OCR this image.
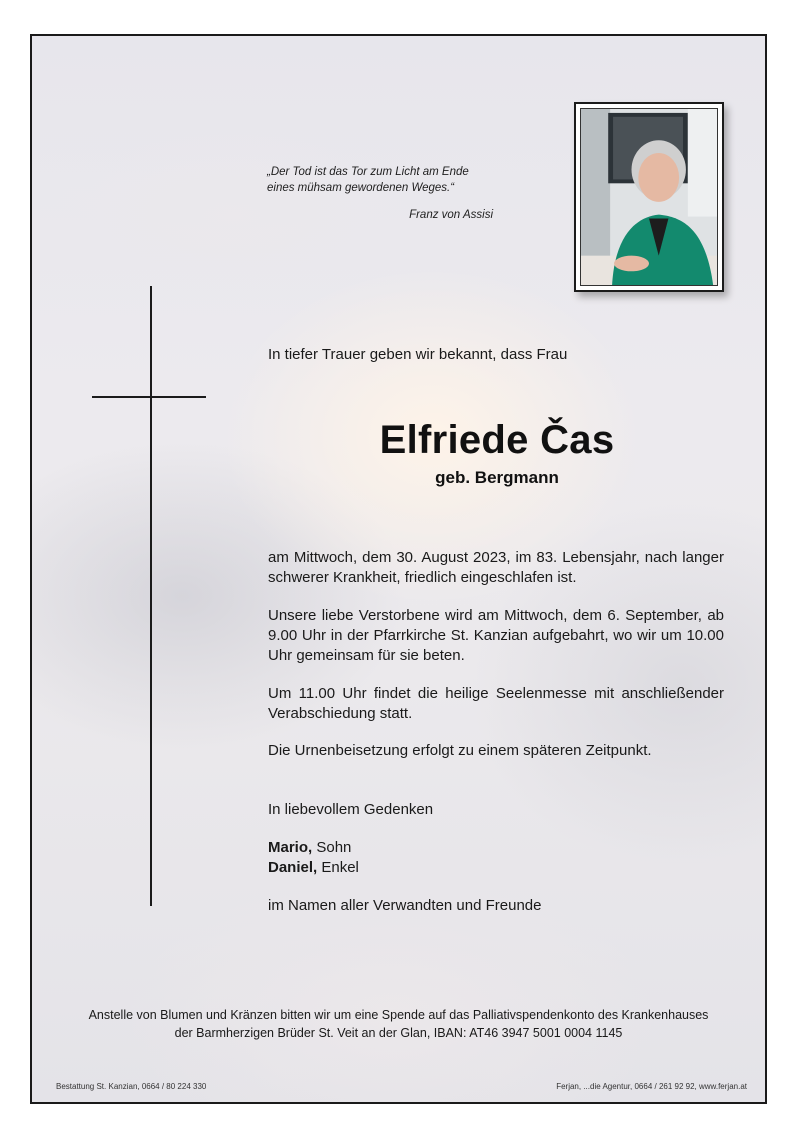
„Der Tod ist das Tor zum Licht am Ende
eines mühsam gewordenen Weges.“
Franz von Assisi
In tiefer Trauer geben wir bekannt, dass Frau
Elfriede Čas
geb. Bergmann
am Mittwoch, dem 30. August 2023, im 83. Lebensjahr, nach langer schwerer Krankheit, friedlich eingeschlafen ist.
Unsere liebe Verstorbene wird am Mittwoch, dem 6. September, ab 9.00 Uhr in der Pfarrkirche St. Kanzian aufgebahrt, wo wir um 10.00 Uhr gemeinsam für sie beten.
Um 11.00 Uhr findet die heilige Seelenmesse mit anschließender Verabschiedung statt.
Die Urnenbeisetzung erfolgt zu einem späteren Zeitpunkt.
In liebevollem Gedenken
Mario, Sohn
Daniel, Enkel
im Namen aller Verwandten und Freunde
Anstelle von Blumen und Kränzen bitten wir um eine Spende auf das Palliativspendenkonto des Krankenhauses
der Barmherzigen Brüder St. Veit an der Glan, IBAN: AT46 3947 5001 0004 1145
Bestattung St. Kanzian, 0664 / 80 224 330	Ferjan, ...die Agentur, 0664 / 261 92 92, www.ferjan.at
